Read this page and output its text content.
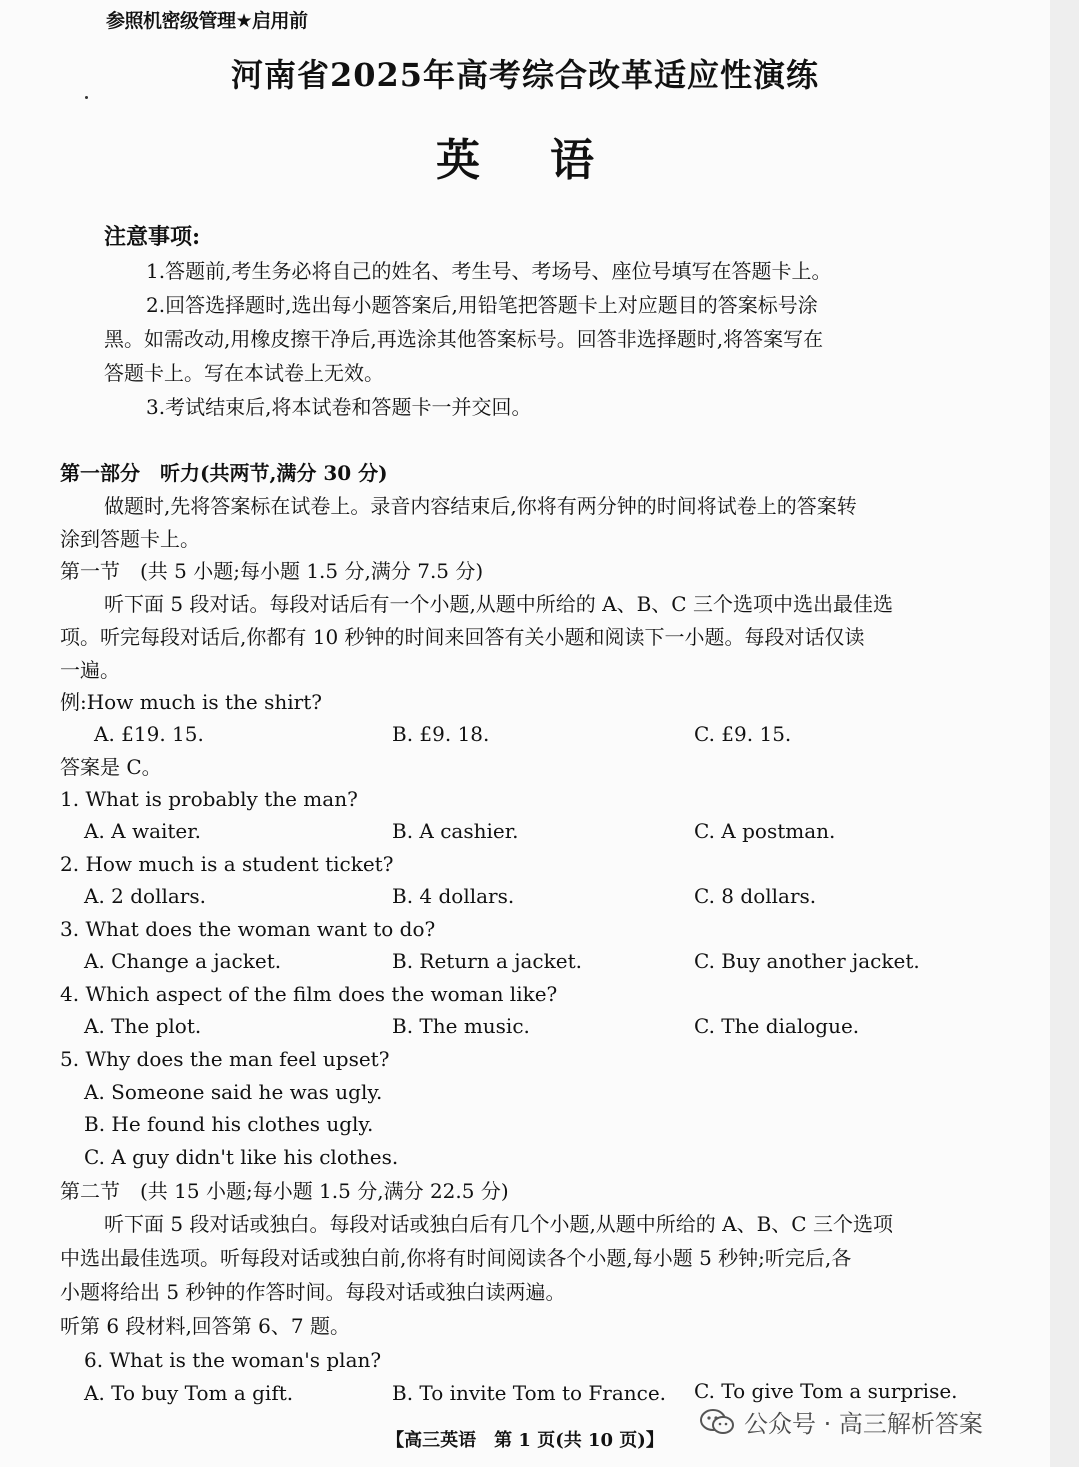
参照机密级管理★启用前
河南省2025年高考综合改革适应性演练
英语
注意事项:
1.答题前,考生务必将自己的姓名、考生号、考场号、座位号填写在答题卡上。
2.回答选择题时,选出每小题答案后,用铅笔把答题卡上对应题目的答案标号涂
黑。如需改动,用橡皮擦干净后,再选涂其他答案标号。回答非选择题时,将答案写在
答题卡上。写在本试卷上无效。
3.考试结束后,将本试卷和答题卡一并交回。
第一部分　听力(共两节,满分 30 分)
做题时,先将答案标在试卷上。录音内容结束后,你将有两分钟的时间将试卷上的答案转
涂到答题卡上。
第一节　(共 5 小题;每小题 1.5 分,满分 7.5 分)
听下面 5 段对话。每段对话后有一个小题,从题中所给的 A、B、C 三个选项中选出最佳选
项。听完每段对话后,你都有 10 秒钟的时间来回答有关小题和阅读下一小题。每段对话仅读
一遍。
例:How much is the shirt?
A. £19. 15.	B. £9. 18.	C. £9. 15.
答案是 C。
1. What is probably the man?
A. A waiter.	B. A cashier.	C. A postman.
2. How much is a student ticket?
A. 2 dollars.	B. 4 dollars.	C. 8 dollars.
3. What does the woman want to do?
A. Change a jacket.	B. Return a jacket.	C. Buy another jacket.
4. Which aspect of the film does the woman like?
A. The plot.	B. The music.	C. The dialogue.
5. Why does the man feel upset?
A. Someone said he was ugly.
B. He found his clothes ugly.
C. A guy didn't like his clothes.
第二节　(共 15 小题;每小题 1.5 分,满分 22.5 分)
听下面 5 段对话或独白。每段对话或独白后有几个小题,从题中所给的 A、B、C 三个选项
中选出最佳选项。听每段对话或独白前,你将有时间阅读各个小题,每小题 5 秒钟;听完后,各
小题将给出 5 秒钟的作答时间。每段对话或独白读两遍。
听第 6 段材料,回答第 6、7 题。
6. What is the woman's plan?
A. To buy Tom a gift.	B. To invite Tom to France. C. To give Tom a surprise.
公众号 · 高三解析答案
【高三英语　第 1 页(共 10 页)】
